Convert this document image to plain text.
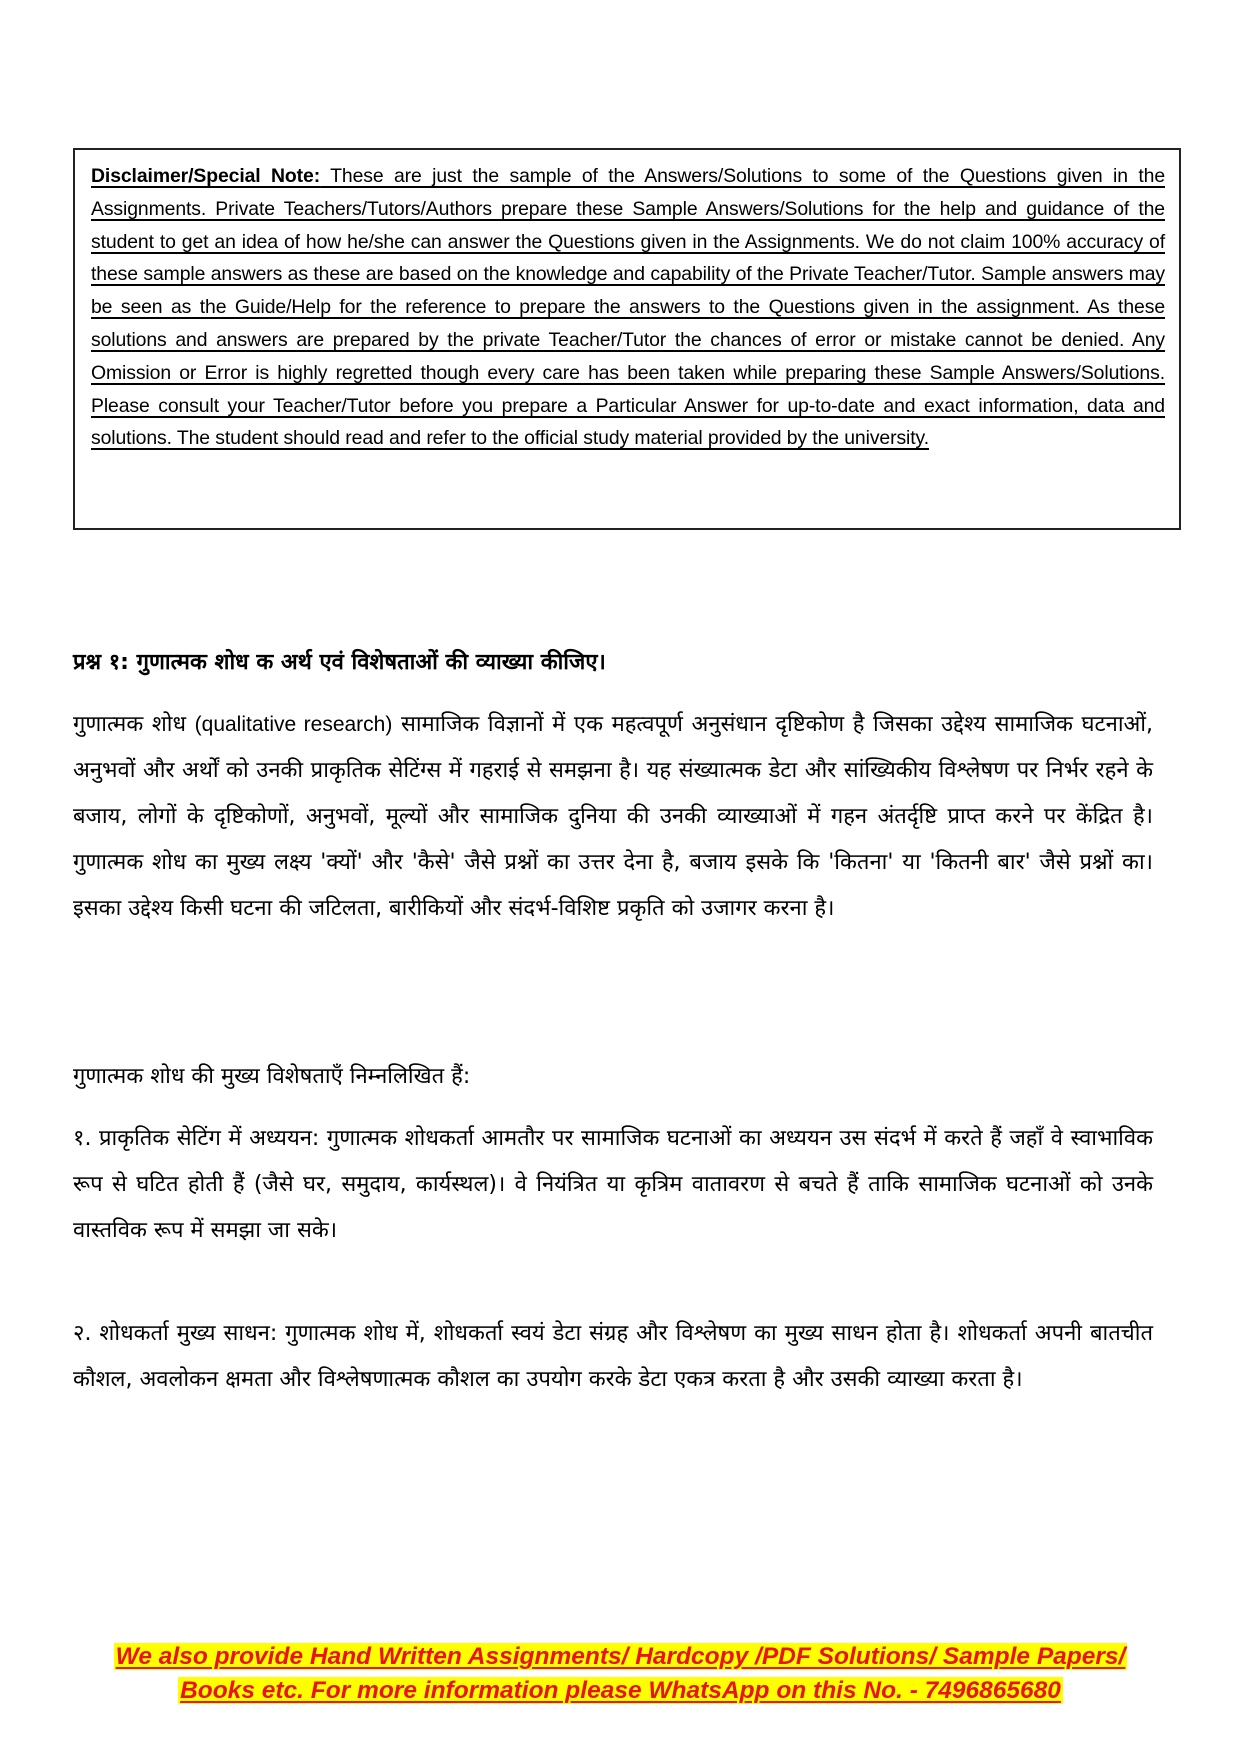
Disclaimer/Special Note: These are just the sample of the Answers/Solutions to some of the Questions given in the Assignments. Private Teachers/Tutors/Authors prepare these Sample Answers/Solutions for the help and guidance of the student to get an idea of how he/she can answer the Questions given in the Assignments. We do not claim 100% accuracy of these sample answers as these are based on the knowledge and capability of the Private Teacher/Tutor. Sample answers may be seen as the Guide/Help for the reference to prepare the answers to the Questions given in the assignment. As these solutions and answers are prepared by the private Teacher/Tutor the chances of error or mistake cannot be denied. Any Omission or Error is highly regretted though every care has been taken while preparing these Sample Answers/Solutions. Please consult your Teacher/Tutor before you prepare a Particular Answer for up-to-date and exact information, data and solutions. The student should read and refer to the official study material provided by the university.

प्रश्न १: गुणात्मक शोध क अर्थ एवं विशेषताओं की व्याख्या कीजिए।

गुणात्मक शोध (qualitative research) सामाजिक विज्ञानों में एक महत्वपूर्ण अनुसंधान दृष्टिकोण है जिसका उद्देश्य सामाजिक घटनाओं, अनुभवों और अर्थों को उनकी प्राकृतिक सेटिंग्स में गहराई से समझना है। यह संख्यात्मक डेटा और सांख्यिकीय विश्लेषण पर निर्भर रहने के बजाय, लोगों के दृष्टिकोणों, अनुभवों, मूल्यों और सामाजिक दुनिया की उनकी व्याख्याओं में गहन अंतर्दृष्टि प्राप्त करने पर केंद्रित है। गुणात्मक शोध का मुख्य लक्ष्य 'क्यों' और 'कैसे' जैसे प्रश्नों का उत्तर देना है, बजाय इसके कि 'कितना' या 'कितनी बार' जैसे प्रश्नों का। इसका उद्देश्य किसी घटना की जटिलता, बारीकियों और संदर्भ-विशिष्ट प्रकृति को उजागर करना है।

गुणात्मक शोध की मुख्य विशेषताएँ निम्नलिखित हैं:

१. प्राकृतिक सेटिंग में अध्ययन: गुणात्मक शोधकर्ता आमतौर पर सामाजिक घटनाओं का अध्ययन उस संदर्भ में करते हैं जहाँ वे स्वाभाविक रूप से घटित होती हैं (जैसे घर, समुदाय, कार्यस्थल)। वे नियंत्रित या कृत्रिम वातावरण से बचते हैं ताकि सामाजिक घटनाओं को उनके वास्तविक रूप में समझा जा सके।

२. शोधकर्ता मुख्य साधन: गुणात्मक शोध में, शोधकर्ता स्वयं डेटा संग्रह और विश्लेषण का मुख्य साधन होता है। शोधकर्ता अपनी बातचीत कौशल, अवलोकन क्षमता और विश्लेषणात्मक कौशल का उपयोग करके डेटा एकत्र करता है और उसकी व्याख्या करता है।

We also provide Hand Written Assignments/ Hardcopy /PDF Solutions/ Sample Papers/
Books etc. For more information please WhatsApp on this No. - 7496865680
